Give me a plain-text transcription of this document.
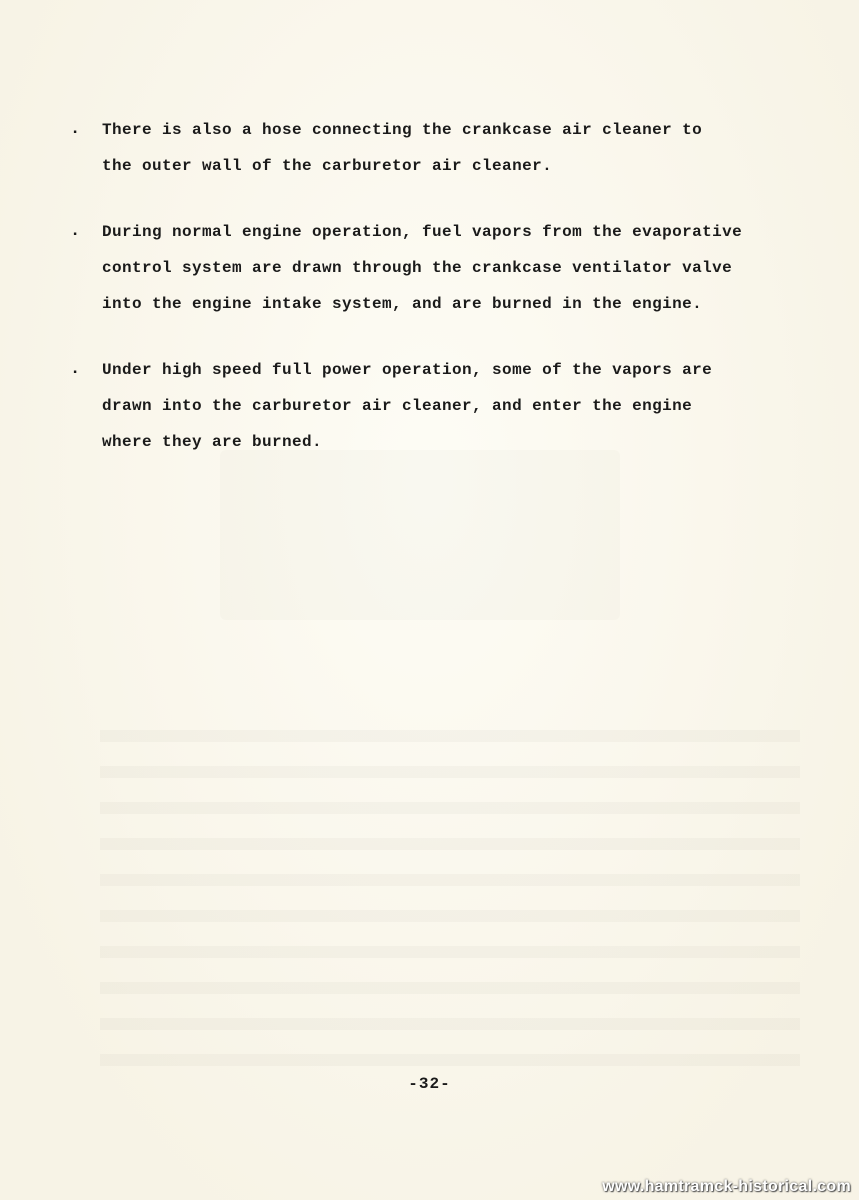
. There is also a hose connecting the crankcase air cleaner to
the outer wall of the carburetor air cleaner.
. During normal engine operation, fuel vapors from the evaporative
control system are drawn through the crankcase ventilator valve
into the engine intake system, and are burned in the engine.
. Under high speed full power operation, some of the vapors are
drawn into the carburetor air cleaner, and enter the engine
where they are burned.
-32-
www.hamtramck-historical.com
